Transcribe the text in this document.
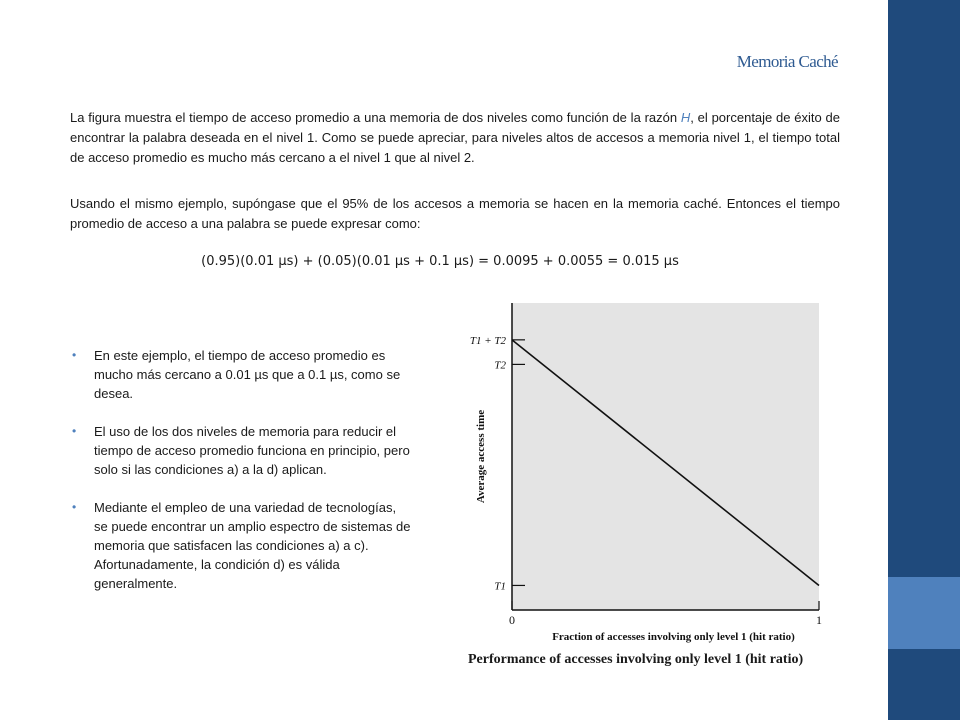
Memoria Caché

La figura muestra el tiempo de acceso promedio a una memoria de dos niveles como función de la razón H, el porcentaje de éxito de encontrar la palabra deseada en el nivel 1. Como se puede apreciar, para niveles altos de accesos a memoria nivel 1, el tiempo total de acceso promedio es mucho más cercano a el nivel 1 que al nivel 2.

Usando el mismo ejemplo, supóngase que el 95% de los accesos a memoria se hacen en la memoria caché. Entonces el tiempo promedio de acceso a una palabra se puede expresar como:

(0.95)(0.01 μs) + (0.05)(0.01 μs + 0.1 μs) = 0.0095 + 0.0055 = 0.015 μs
• En este ejemplo, el tiempo de acceso promedio es mucho más cercano a 0.01 µs que a 0.1 µs, como se desea.
• El uso de los dos niveles de memoria para reducir el tiempo de acceso promedio funciona en principio, pero solo si las condiciones a) a la d) aplican.
• Mediante el empleo de una variedad de tecnologías, se puede encontrar un amplio espectro de sistemas de memoria que satisfacen las condiciones a) a c). Afortunadamente, la condición d) es válida generalmente.
T1 + T2
T2
T1
0	1
Average access time
Fraction of accesses involving only level 1 (hit ratio)
Performance of accesses involving only level 1 (hit ratio)
